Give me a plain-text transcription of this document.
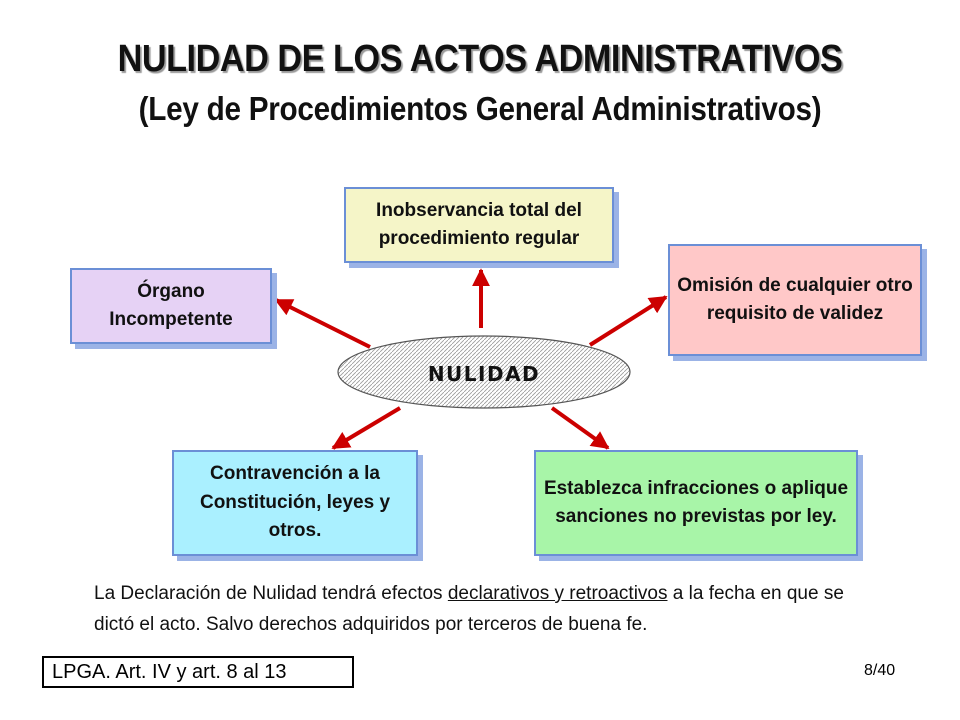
NULIDAD DE LOS ACTOS ADMINISTRATIVOS
(Ley de Procedimientos General Administrativos)
NULIDAD
Inobservancia total del procedimiento regular
Órgano Incompetente
Omisión de cualquier otro requisito de validez
Contravención a la Constitución, leyes y otros.
Establezca infracciones o aplique sanciones no previstas por ley.
La Declaración de Nulidad tendrá efectos declarativos y retroactivos a la fecha en que se dictó el acto. Salvo derechos adquiridos por terceros de buena fe.
LPGA. Art. IV y art. 8 al 13	8/40
